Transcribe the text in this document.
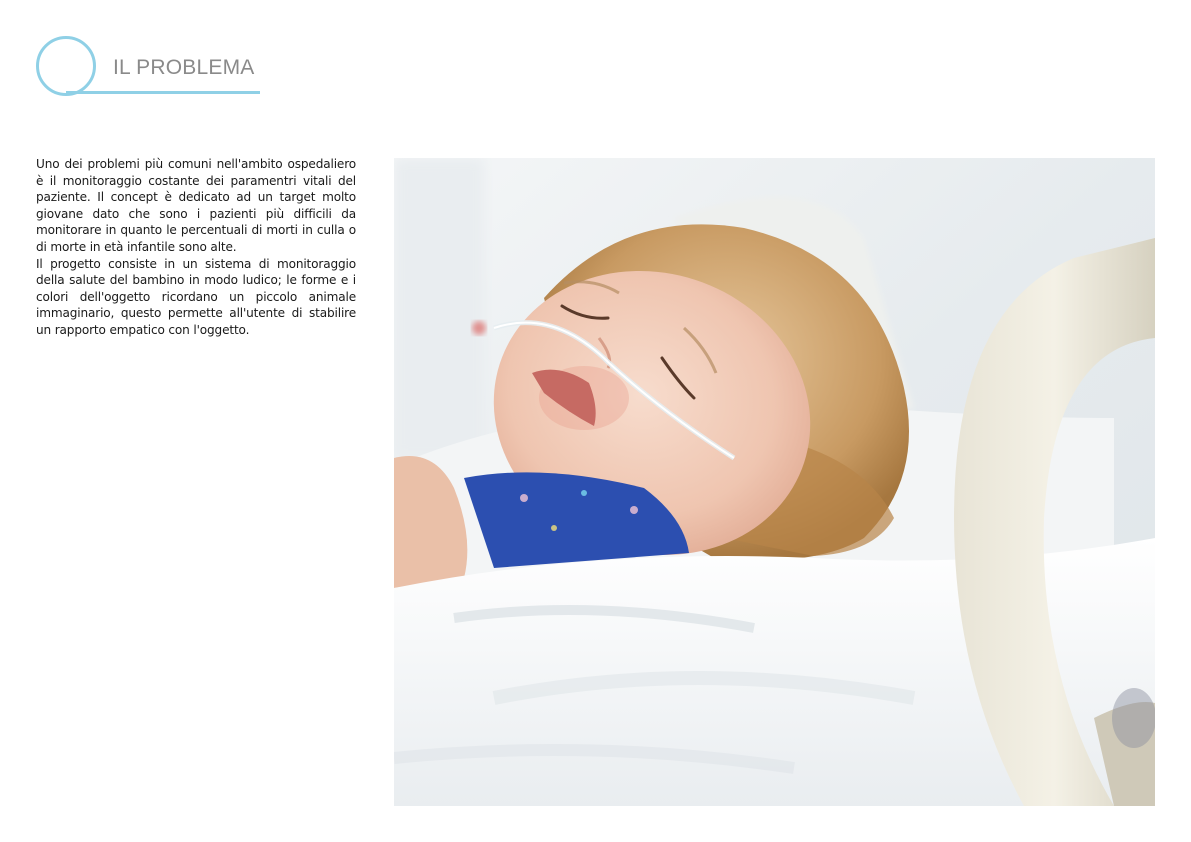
IL PROBLEMA

Uno dei problemi più comuni nell'ambito ospedaliero è il monitoraggio costante dei paramentri vitali del paziente. Il concept è dedicato ad un target molto giovane dato che sono i pazienti più difficili da monitorare in quanto le percentuali di morti in culla o di morte in età infantile sono alte.

Il progetto consiste in un sistema di monitoraggio della salute del bambino in modo ludico; le forme e i colori dell'oggetto ricordano un piccolo animale immaginario, questo permette all'utente di stabilire un rapporto empatico con l'oggetto.
